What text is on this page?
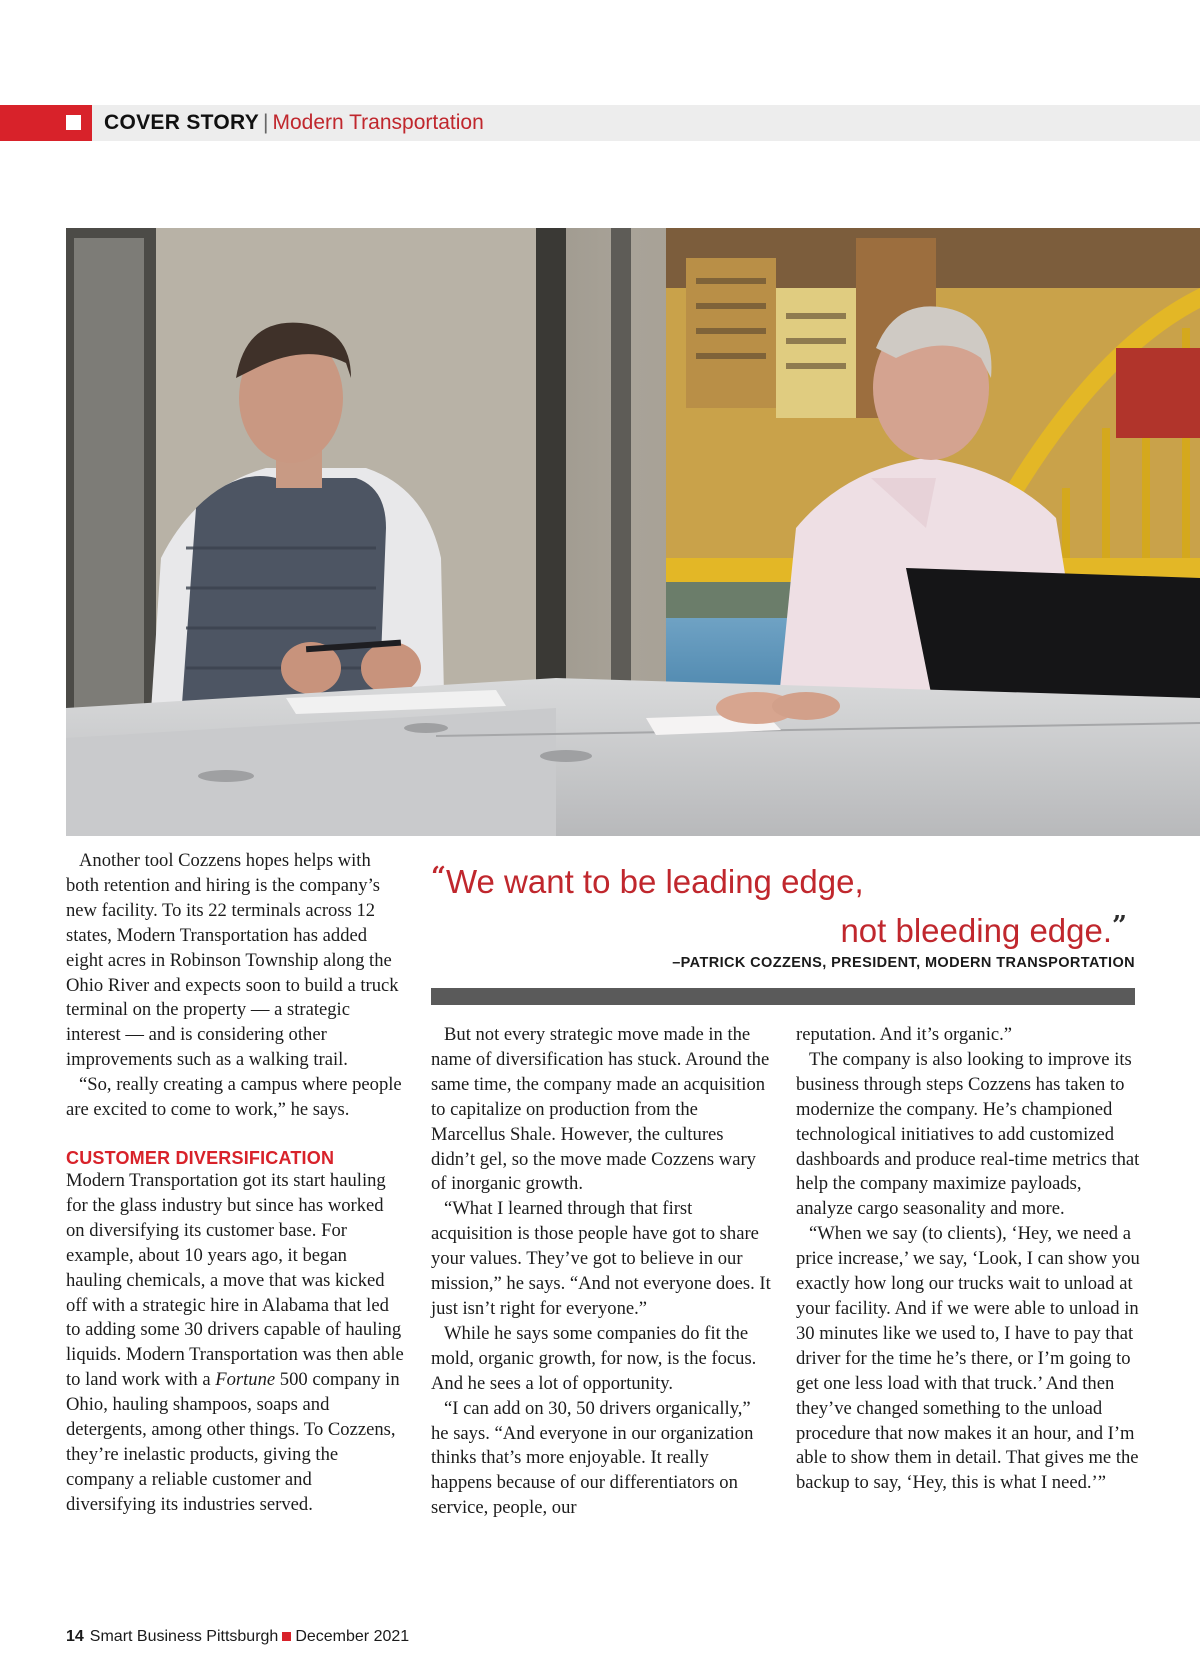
COVER STORY | Modern Transportation

Another tool Cozzens hopes helps with both retention and hiring is the company’s new facility. To its 22 terminals across 12 states, Modern Transportation has added eight acres in Robinson Township along the Ohio River and expects soon to build a truck terminal on the property — a strategic interest — and is considering other improvements such as a walking trail.

“So, really creating a campus where people are excited to come to work,” he says.

CUSTOMER DIVERSIFICATION

Modern Transportation got its start hauling for the glass industry but since has worked on diversifying its customer base. For example, about 10 years ago, it began hauling chemicals, a move that was kicked off with a strategic hire in Alabama that led to adding some 30 drivers capable of hauling liquids. Modern Transportation was then able to land work with a Fortune 500 company in Ohio, hauling shampoos, soaps and detergents, among other things. To Cozzens, they’re inelastic products, giving the company a reliable customer and diversifying its industries served.

“We want to be leading edge,
not bleeding edge.”
–PATRICK COZZENS, PRESIDENT, MODERN TRANSPORTATION

But not every strategic move made in the name of diversification has stuck. Around the same time, the company made an acquisition to capitalize on production from the Marcellus Shale. However, the cultures didn’t gel, so the move made Cozzens wary of inorganic growth.

“What I learned through that first acquisition is those people have got to share your values. They’ve got to believe in our mission,” he says. “And not everyone does. It just isn’t right for everyone.”

While he says some companies do fit the mold, organic growth, for now, is the focus. And he sees a lot of opportunity.

“I can add on 30, 50 drivers organically,” he says. “And everyone in our organization thinks that’s more enjoyable. It really happens because of our differentiators on service, people, our

reputation. And it’s organic.”

The company is also looking to improve its business through steps Cozzens has taken to modernize the company. He’s championed technological initiatives to add customized dashboards and produce real-time metrics that help the company maximize payloads, analyze cargo seasonality and more.

“When we say (to clients), ‘Hey, we need a price increase,’ we say, ‘Look, I can show you exactly how long our trucks wait to unload at your facility. And if we were able to unload in 30 minutes like we used to, I have to pay that driver for the time he’s there, or I’m going to get one less load with that truck.’ And then they’ve changed something to the unload procedure that now makes it an hour, and I’m able to show them in detail. That gives me the backup to say, ‘Hey, this is what I need.’”

14 Smart Business Pittsburgh December 2021
